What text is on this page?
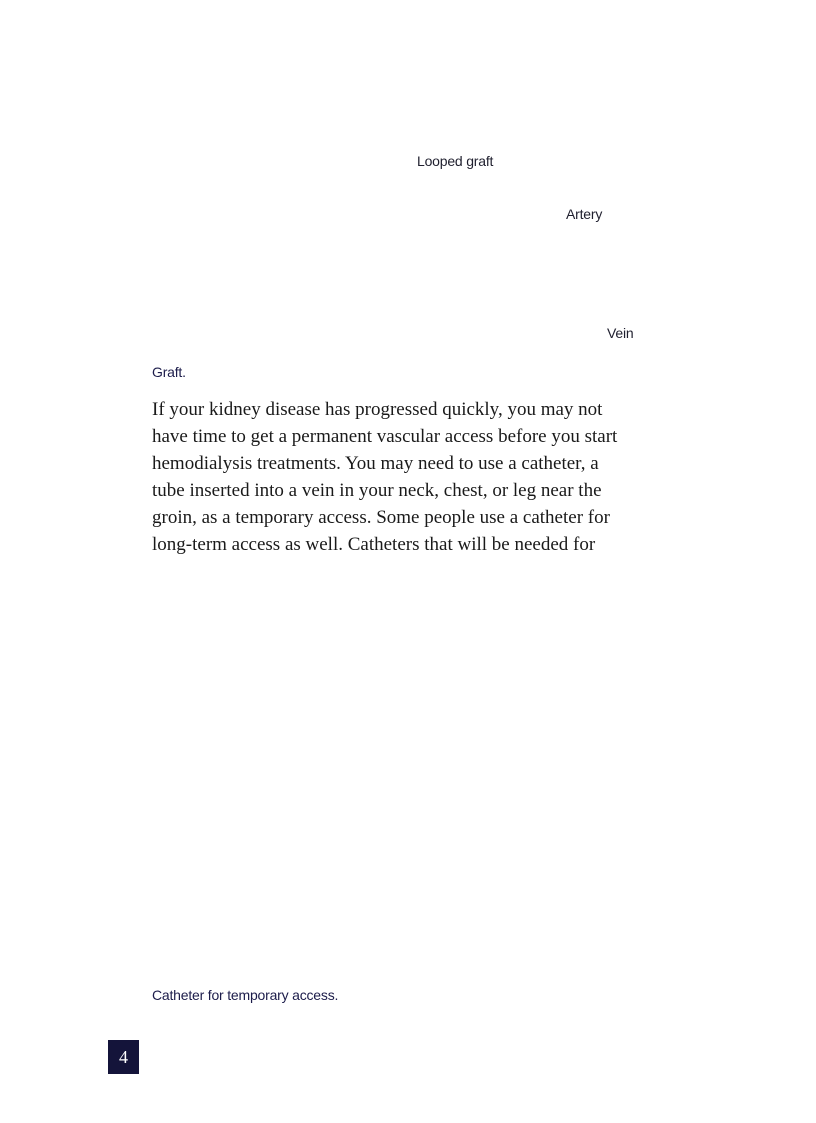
Looped graft
Artery
Vein
Graft.

If your kidney disease has progressed quickly, you may not
have time to get a permanent vascular access before you start
hemodialysis treatments. You may need to use a catheter, a
tube inserted into a vein in your neck, chest, or leg near the
groin, as a temporary access. Some people use a catheter for
long-term access as well. Catheters that will be needed for

Catheter for temporary access.
4
